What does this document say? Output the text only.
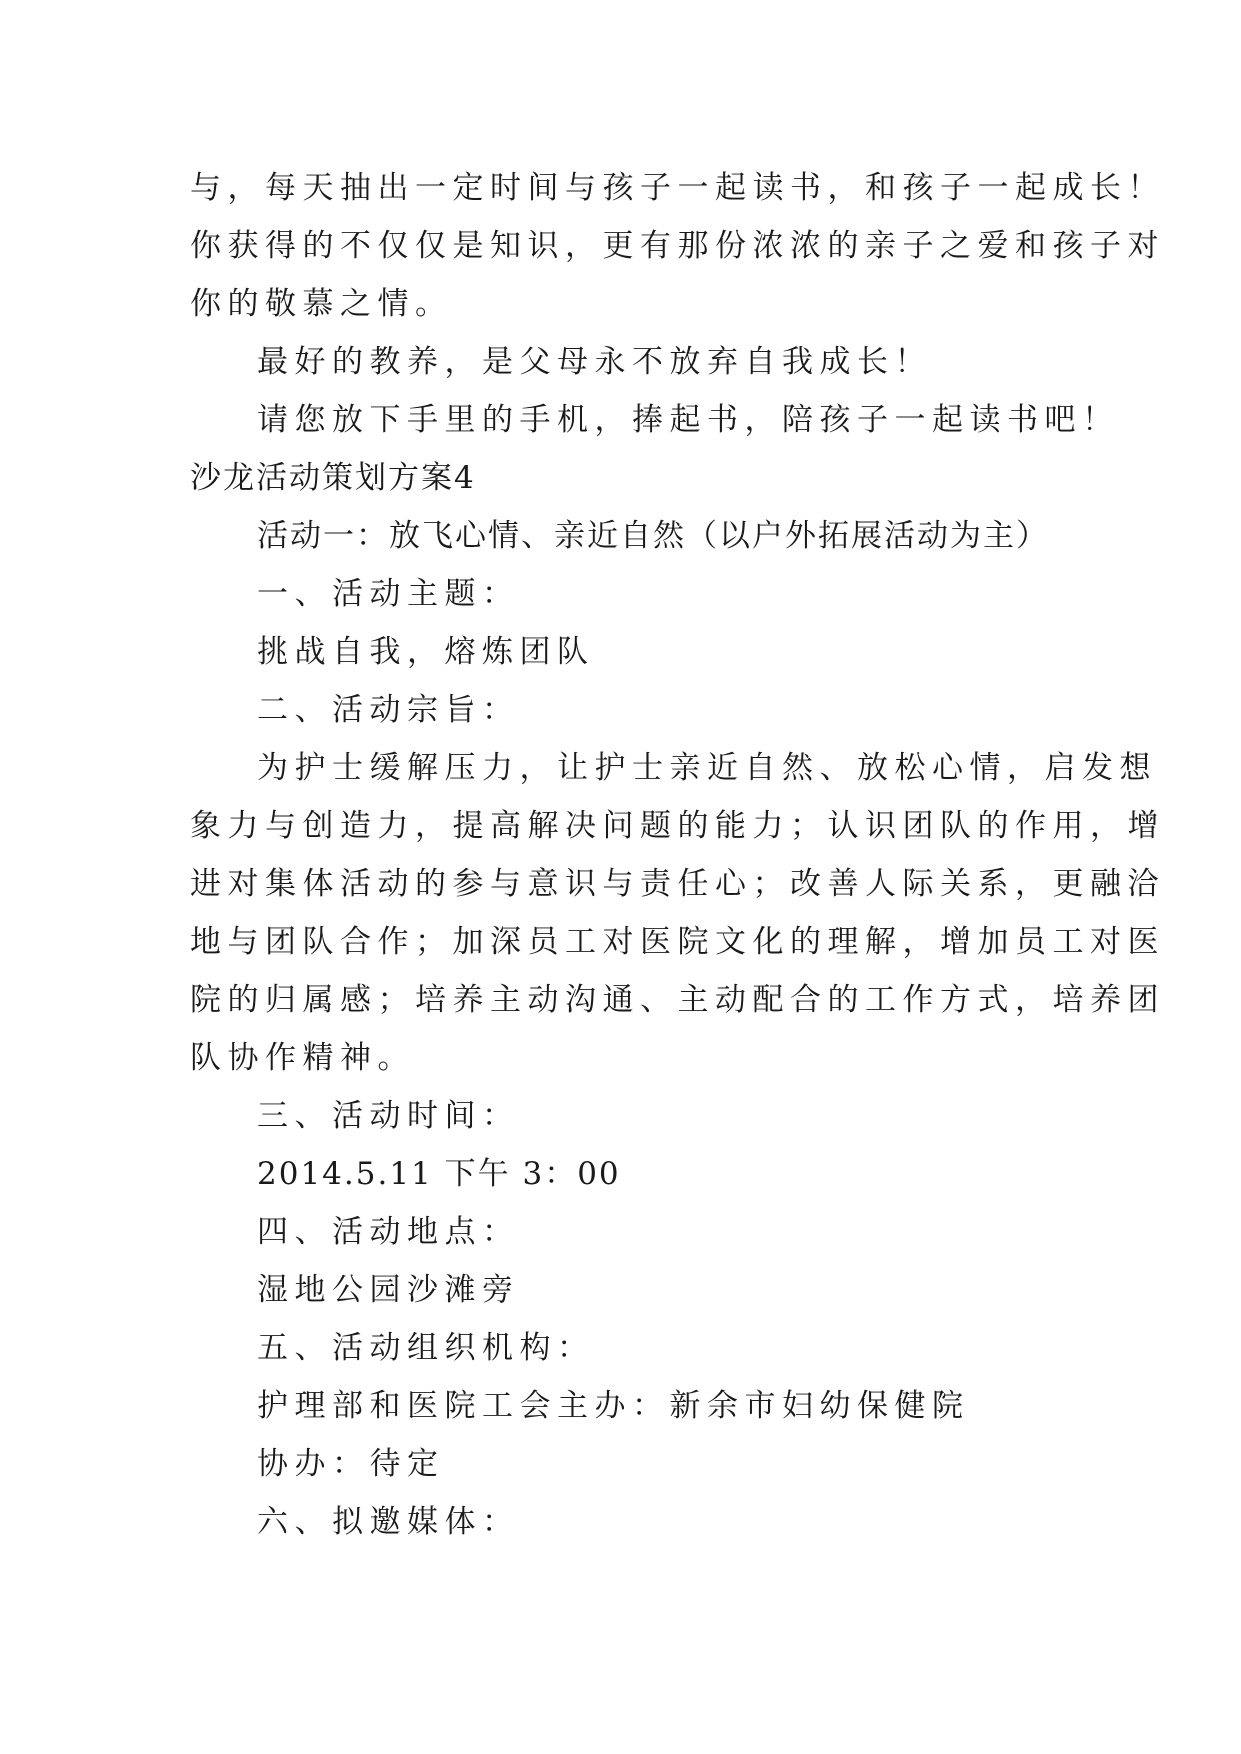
与，每天抽出一定时间与孩子一起读书，和孩子一起成长！
你获得的不仅仅是知识，更有那份浓浓的亲子之爱和孩子对
你的敬慕之情。
最好的教养，是父母永不放弃自我成长！
请您放下手里的手机，捧起书，陪孩子一起读书吧！
沙龙活动策划方案4
活动一：放飞心情、亲近自然（以户外拓展活动为主）
一、活动主题：
挑战自我，熔炼团队
二、活动宗旨：
为护士缓解压力，让护士亲近自然、放松心情，启发想
象力与创造力，提高解决问题的能力；认识团队的作用，增
进对集体活动的参与意识与责任心；改善人际关系，更融洽
地与团队合作；加深员工对医院文化的理解，增加员工对医
院的归属感；培养主动沟通、主动配合的工作方式，培养团
队协作精神。
三、活动时间：
2014.5.11 下午 3：00
四、活动地点：
湿地公园沙滩旁
五、活动组织机构：
护理部和医院工会主办：新余市妇幼保健院
协办：待定
六、拟邀媒体：
